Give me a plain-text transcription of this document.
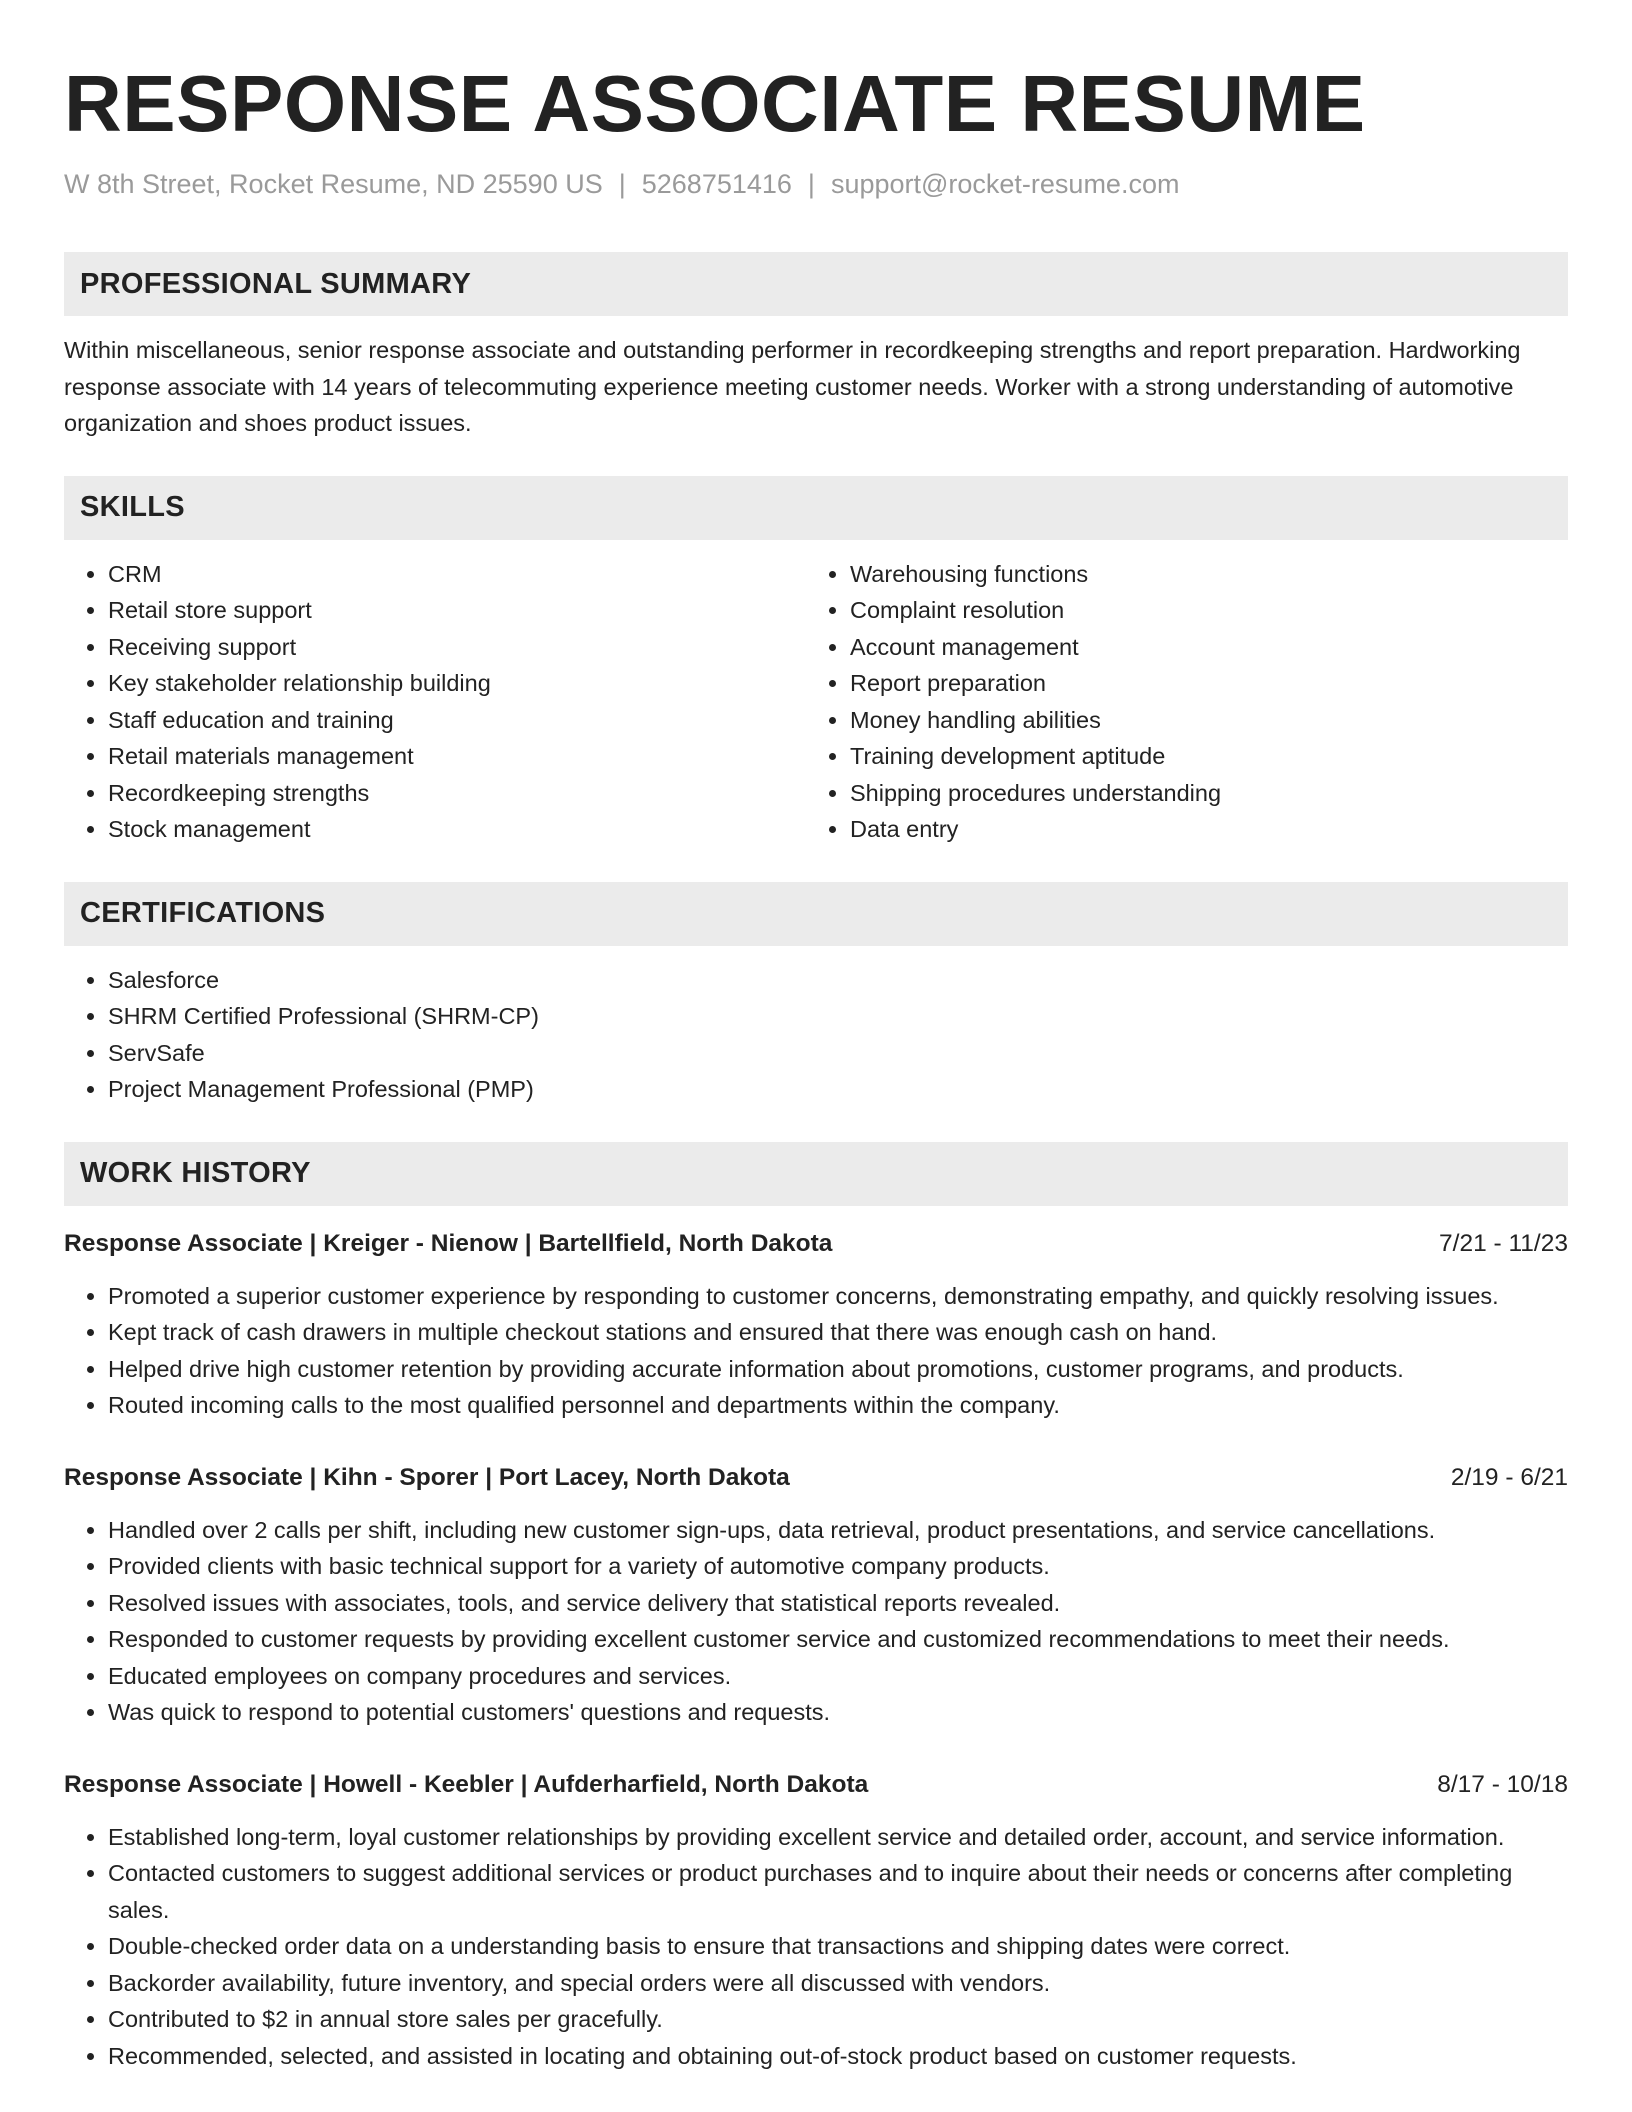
RESPONSE ASSOCIATE RESUME
W 8th Street, Rocket Resume, ND 25590 US | 5268751416 | support@rocket-resume.com
PROFESSIONAL SUMMARY
Within miscellaneous, senior response associate and outstanding performer in recordkeeping strengths and report preparation. Hardworking response associate with 14 years of telecommuting experience meeting customer needs. Worker with a strong understanding of automotive organization and shoes product issues.
SKILLS
• CRM
• Retail store support
• Receiving support
• Key stakeholder relationship building
• Staff education and training
• Retail materials management
• Recordkeeping strengths
• Stock management
• Warehousing functions
• Complaint resolution
• Account management
• Report preparation
• Money handling abilities
• Training development aptitude
• Shipping procedures understanding
• Data entry
CERTIFICATIONS
• Salesforce
• SHRM Certified Professional (SHRM-CP)
• ServSafe
• Project Management Professional (PMP)
WORK HISTORY
Response Associate | Kreiger - Nienow | Bartellfield, North Dakota	7/21 - 11/23
• Promoted a superior customer experience by responding to customer concerns, demonstrating empathy, and quickly resolving issues.
• Kept track of cash drawers in multiple checkout stations and ensured that there was enough cash on hand.
• Helped drive high customer retention by providing accurate information about promotions, customer programs, and products.
• Routed incoming calls to the most qualified personnel and departments within the company.
Response Associate | Kihn - Sporer | Port Lacey, North Dakota	2/19 - 6/21
• Handled over 2 calls per shift, including new customer sign-ups, data retrieval, product presentations, and service cancellations.
• Provided clients with basic technical support for a variety of automotive company products.
• Resolved issues with associates, tools, and service delivery that statistical reports revealed.
• Responded to customer requests by providing excellent customer service and customized recommendations to meet their needs.
• Educated employees on company procedures and services.
• Was quick to respond to potential customers' questions and requests.
Response Associate | Howell - Keebler | Aufderharfield, North Dakota	8/17 - 10/18
• Established long-term, loyal customer relationships by providing excellent service and detailed order, account, and service information.
• Contacted customers to suggest additional services or product purchases and to inquire about their needs or concerns after completing sales.
• Double-checked order data on a understanding basis to ensure that transactions and shipping dates were correct.
• Backorder availability, future inventory, and special orders were all discussed with vendors.
• Contributed to $2 in annual store sales per gracefully.
• Recommended, selected, and assisted in locating and obtaining out-of-stock product based on customer requests.
